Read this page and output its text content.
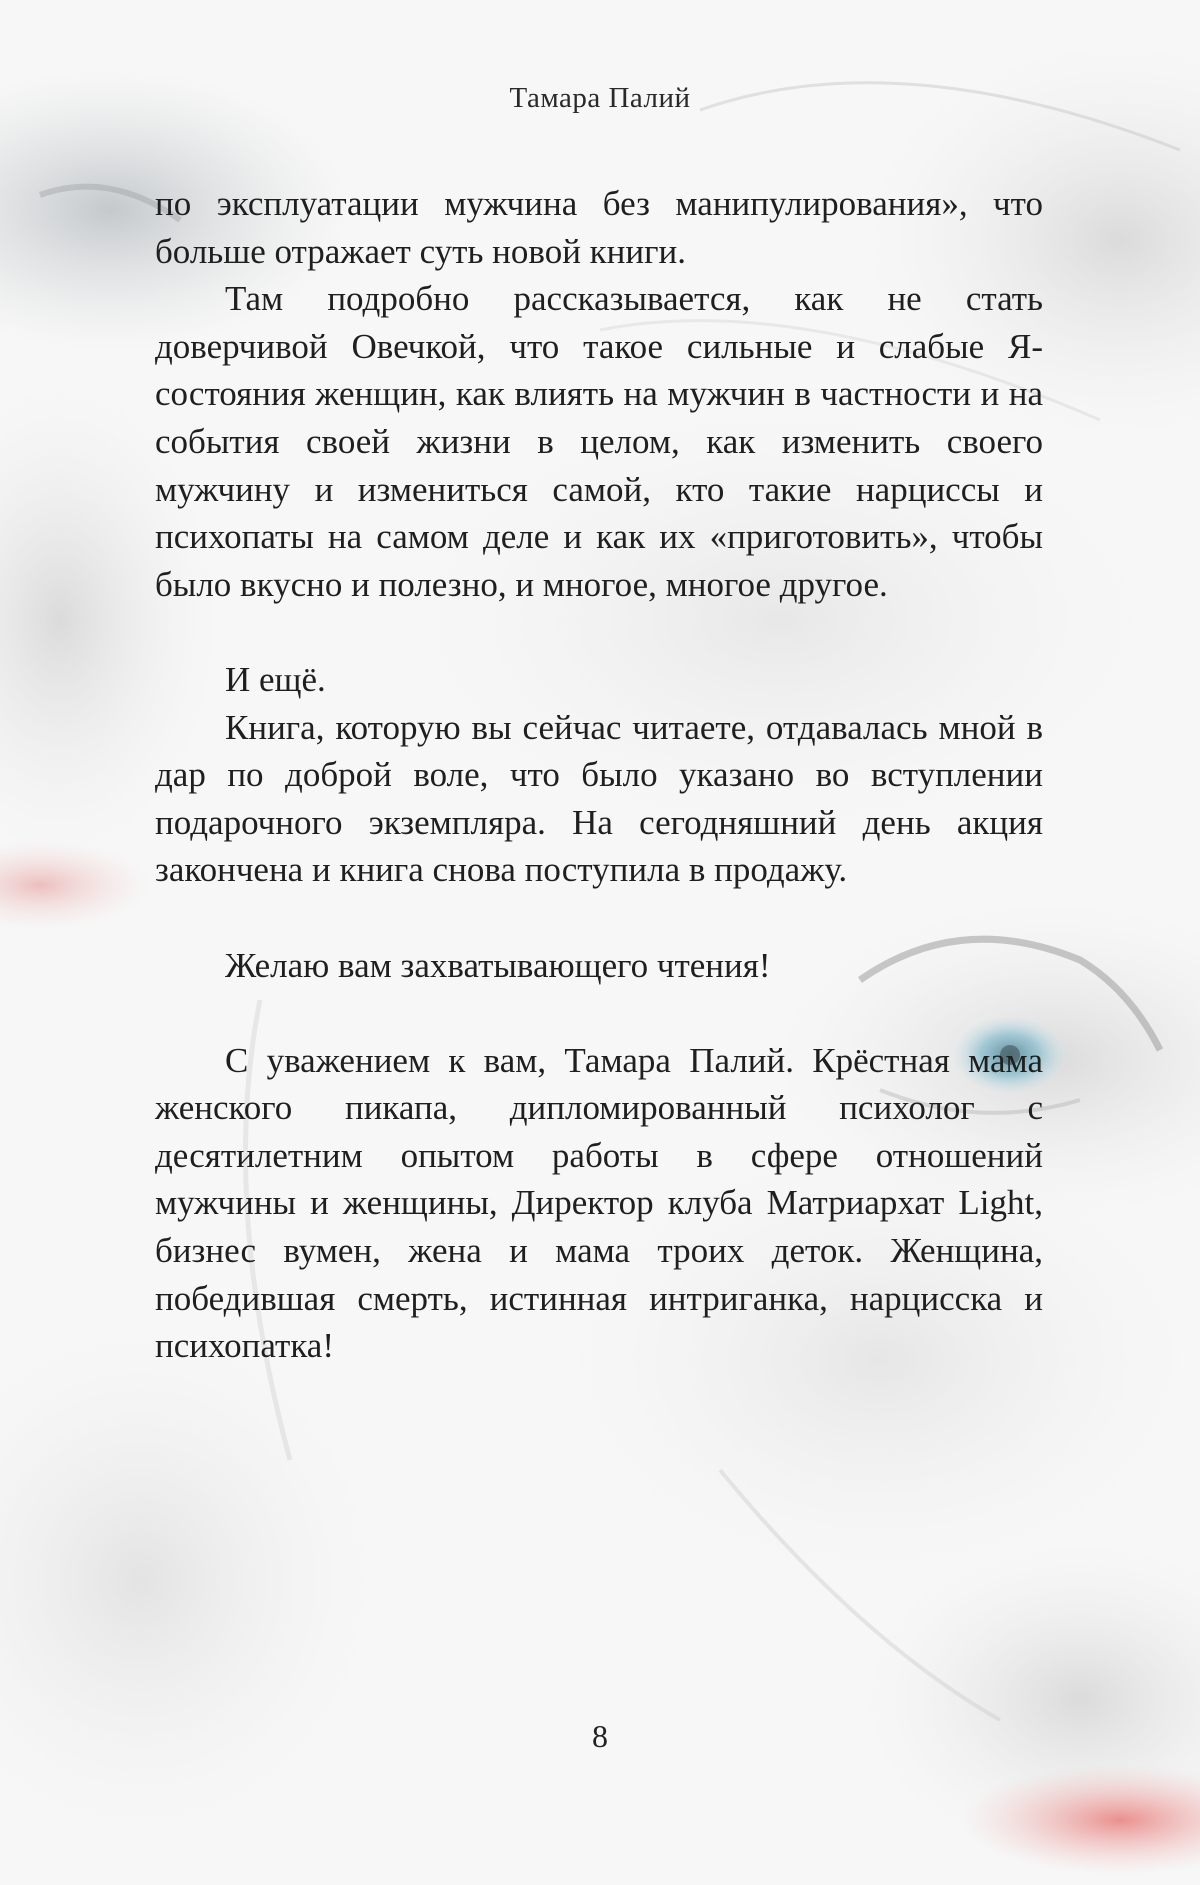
Тамара Палий

по эксплуатации мужчина без манипулирования», что больше отражает суть новой книги.

Там подробно рассказывается, как не стать доверчивой Овечкой, что такое сильные и слабые Я-состояния женщин, как влиять на мужчин в частности и на события своей жизни в целом, как изменить своего мужчину и измениться самой, кто такие нарциссы и психопаты на самом деле и как их «приготовить», чтобы было вкусно и полезно, и многое, многое другое.

И ещё.

Книга, которую вы сейчас читаете, отдавалась мной в дар по доброй воле, что было указано во вступлении подарочного экземпляра. На сегодняшний день акция закончена и книга снова поступила в продажу.

Желаю вам захватывающего чтения!

С уважением к вам, Тамара Палий. Крёстная мама женского пикапа, дипломированный психолог с десятилетним опытом работы в сфере отношений мужчины и женщины, Директор клуба Матриархат Light, бизнес вумен, жена и мама троих деток. Женщина, победившая смерть, истинная интриганка, нарцисска и психопатка!

8
